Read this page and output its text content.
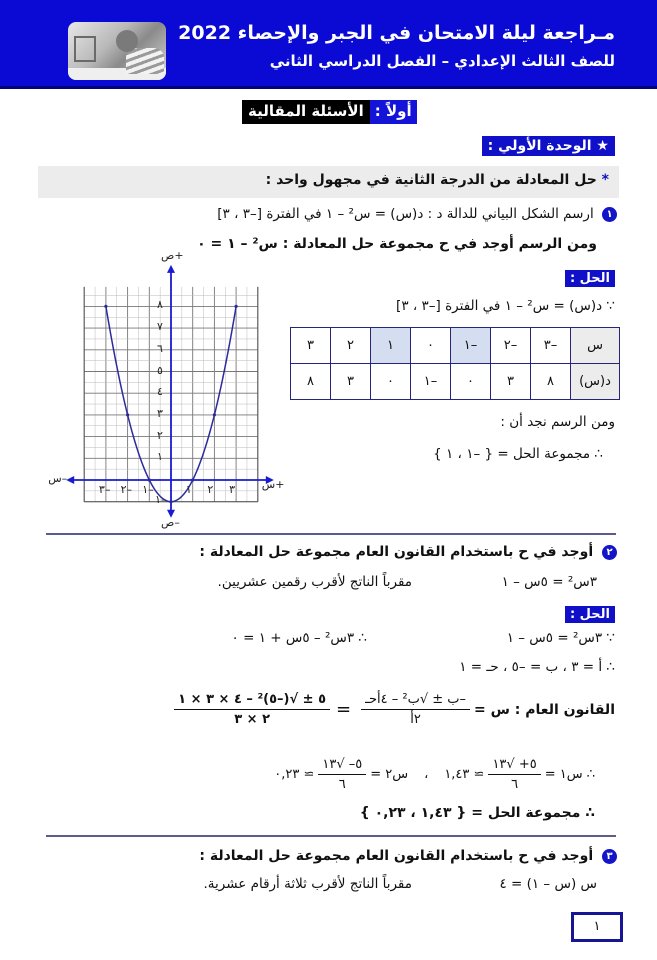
مـراجعة ليلة الامتحان في الجبر والإحصاء 2022
للصف الثالث الإعدادي – الفصل الدراسي الثاني
أولاً :
الأسئلة المقالية
★ الوحدة الأولي :
* حل المعادلة من الدرجة الثانية في مجهول واحد :
١ ارسم الشكل البياني للدالة د : د(س) = س² – ١ في الفترة [–٣ ، ٣]
ومن الرسم أوجد في ح مجموعة حل المعادلة : س² – ١ = ٠
الحل :
∵ د(س) = س² – ١ في الفترة [–٣ ، ٣]
س	–٣	–٢	–١	٠	١	٢	٣
د(س)	٨	٣	٠	–١	٠	٣	٨
ومن الرسم نجد أن :
∴ مجموعة الحل = { –١ ، ١ }
٣– ٢– ١–	١ ٢ ٣
١
٢
٣
٤
٥
٦
٧
٨
١–
س+
س–
ص+
ص–
٢ أوجد في ح باستخدام القانون العام مجموعة حل المعادلة :
٣س² = ٥س – ١
مقرباً الناتج لأقرب رقمين عشريين.
الحل :
∵ ٣س² = ٥س – ١
∴ ٣س² – ٥س + ١ = ٠
∴ أ = ٣ ، ب = –٥ ، حـ = ١
القانون العام : س =
$\frac{\text{–ب ± √ب² – ٤أحـ}}{\text{٢أ}}$
=
$\frac{\text{٥ ± √(–٥)² – ٤ × ٣ × ١}}{٢ \times ٣}$
∴ س١ =
$\frac{٥+ √١٣}{٦}$
≃ ١,٤٣
،
س٢ =
$\frac{٥- √١٣}{٦}$
≃ ٠,٢٣
∴ مجموعة الحل = { ١,٤٣ ، ٠,٢٣ }
٣ أوجد في ح باستخدام القانون العام مجموعة حل المعادلة :
س (س – ١) = ٤
مقرباً الناتج لأقرب ثلاثة أرقام عشرية.
١
